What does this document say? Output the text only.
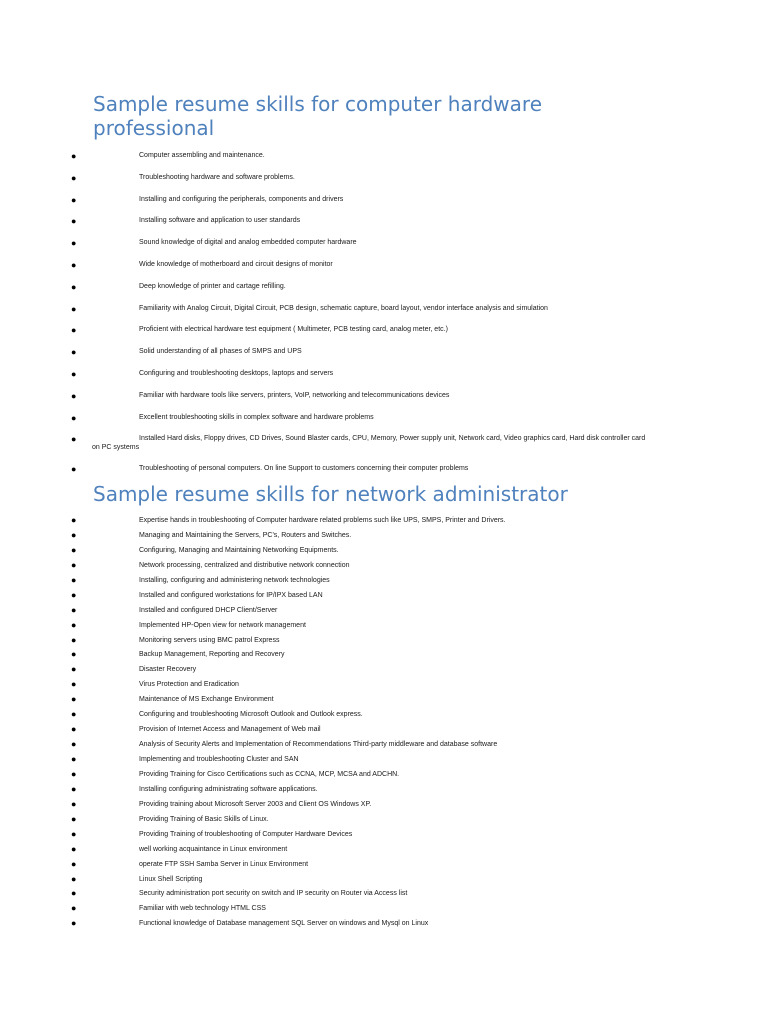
Sample resume skills for computer hardware professional
●	Computer assembling and maintenance.
●	Troubleshooting hardware and software problems.
●	Installing and configuring the peripherals, components and drivers
●	Installing software and application to user standards
●	Sound knowledge of digital and analog embedded computer hardware
●	Wide knowledge of motherboard and circuit designs of monitor
●	Deep knowledge of printer and cartage refilling.
●	Familiarity with Analog Circuit, Digital Circuit, PCB design, schematic capture, board layout, vendor interface analysis and simulation
●	Proficient with electrical hardware test equipment ( Multimeter, PCB testing card, analog meter, etc.)
●	Solid understanding of all phases of SMPS and UPS
●	Configuring and troubleshooting desktops, laptops and servers
●	Familiar with hardware tools like servers, printers, VoIP, networking and telecommunications devices
●	Excellent troubleshooting skills in complex software and hardware problems
●	Installed Hard disks, Floppy drives, CD Drives, Sound Blaster cards, CPU, Memory, Power supply unit, Network card, Video graphics card, Hard disk controller card on PC systems
●	Troubleshooting of personal computers. On line Support to customers concerning their computer problems
Sample resume skills for network administrator
●	Expertise hands in troubleshooting of Computer hardware related problems such like UPS, SMPS, Printer and Drivers.
●	Managing and Maintaining the Servers, PC's, Routers and Switches.
●	Configuring, Managing and Maintaining Networking Equipments.
●	Network processing, centralized and distributive network connection
●	Installing, configuring and administering network technologies
●	Installed and configured workstations for IP/IPX based LAN
●	Installed and configured DHCP Client/Server
●	Implemented HP-Open view for network management
●	Monitoring servers using BMC patrol Express
●	Backup Management, Reporting and Recovery
●	Disaster Recovery
●	Virus Protection and Eradication
●	Maintenance of MS Exchange Environment
●	Configuring and troubleshooting Microsoft Outlook and Outlook express.
●	Provision of Internet Access and Management of Web mail
●	Analysis of Security Alerts and Implementation of Recommendations Third-party middleware and database software
●	Implementing and troubleshooting Cluster and SAN
●	Providing Training for Cisco Certifications such as CCNA, MCP, MCSA and ADCHN.
●	Installing configuring administrating software applications.
●	Providing training about Microsoft Server 2003 and Client OS Windows XP.
●	Providing Training of Basic Skills of Linux.
●	Providing Training of troubleshooting of Computer Hardware Devices
●	well working acquaintance in Linux environment
●	operate FTP SSH Samba Server in Linux Environment
●	Linux Shell Scripting
●	Security administration port security on switch and IP security on Router via Access list
●	Familiar with web technology HTML CSS
●	Functional knowledge of Database management SQL Server on windows and Mysql on Linux
